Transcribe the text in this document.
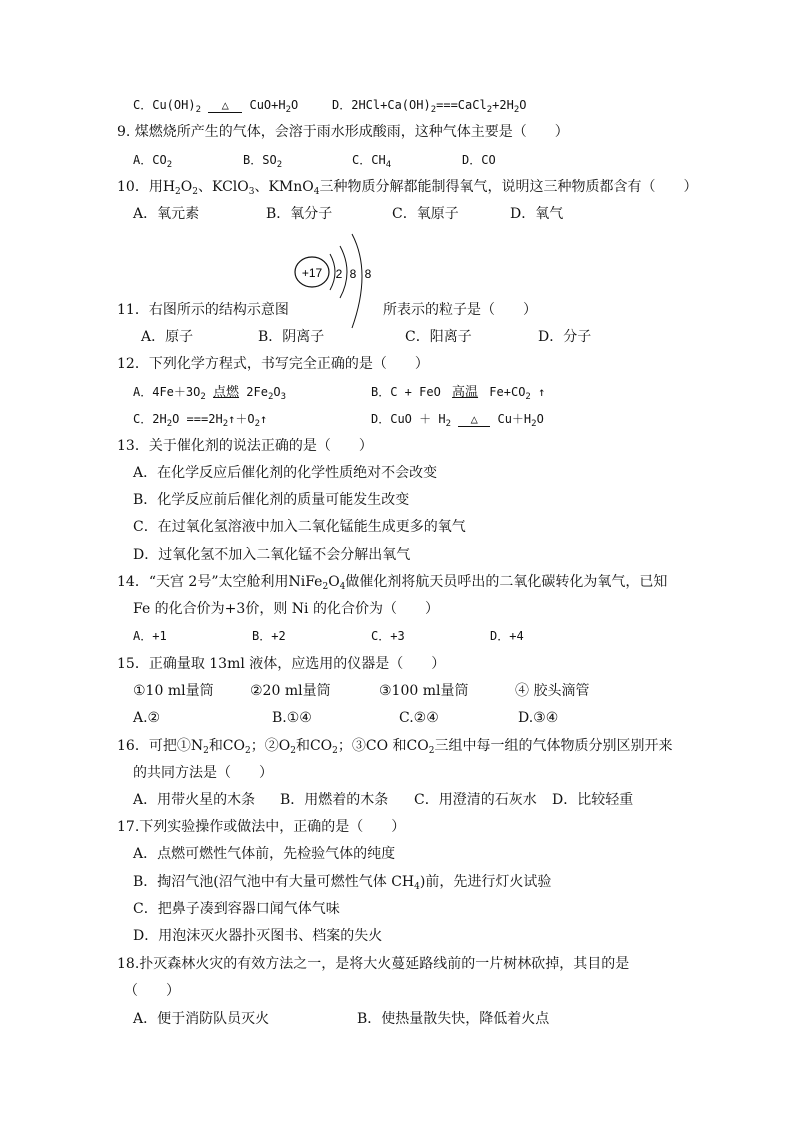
C．$Cu(OH)_2$ △ $CuO+H_2O$	D．$2HCl+Ca(OH)_2===CaCl_2+2H_2O$
9. 煤燃烧所产生的气体，会溶于雨水形成酸雨，这种气体主要是（　　）
A．$CO_2$	B．$SO_2$	C．$CH_4$	D．CO
10．用$H_2O_2$、KClO$_3$、KMnO$_4$三种物质分解都能制得氧气，说明这三种物质都含有（　　）
A．氧元素	B．氧分子	C．氧原子	D．氧气
+17 2 8 8
11．右图所示的结构示意图	所表示的粒子是（　　）
A．原子	B．阴离子	C．阳离子	D．分子
12．下列化学方程式，书写完全正确的是（　　）
A．$4Fe+3O_2$ 点燃 $2Fe_2O_3$	B．C + FeO 高温 $Fe+CO_2$ ↑
C．$2H_2O$ $===2H_2↑+O_2↑$	D．CuO ＋ $H_2$ △ $Cu+H_2O$
13．关于催化剂的说法正确的是（　　）
A．在化学反应后催化剂的化学性质绝对不会改变
B．化学反应前后催化剂的质量可能发生改变
C．在过氧化氢溶液中加入二氧化锰能生成更多的氧气
D．过氧化氢不加入二氧化锰不会分解出氧气
14．“天宫 2号”太空舱利用$NiFe_2O_4$做催化剂将航天员呼出的二氧化碳转化为氧气，已知
Fe 的化合价为+3价，则 Ni 的化合价为（　　）
A．+1	B．+2	C．+3	D．+4
15．正确量取 13ml 液体，应选用的仪器是（　　）
①10 ml量筒	②20 ml量筒	③100 ml量筒	④ 胶头滴管
A.②	B.①④	C.②④	D.③④
16．可把$①N_2$和$CO_2$；$②O_2$和$CO_2$；③CO 和$CO_2$三组中每一组的气体物质分别区别开来
的共同方法是（　　）
A．用带火星的木条 B．用燃着的木条 C．用澄清的石灰水 D．比较轻重
17.下列实验操作或做法中，正确的是（　　）
A．点燃可燃性气体前，先检验气体的纯度
B．掏沼气池(沼气池中有大量可燃性气体 $CH_4$)前，先进行灯火试验
C．把鼻子凑到容器口闻气体气味
D．用泡沫灭火器扑灭图书、档案的失火
18.扑灭森林火灾的有效方法之一，是将大火蔓延路线前的一片树林砍掉，其目的是
（　　）
A．便于消防队员灭火	B．使热量散失快，降低着火点
